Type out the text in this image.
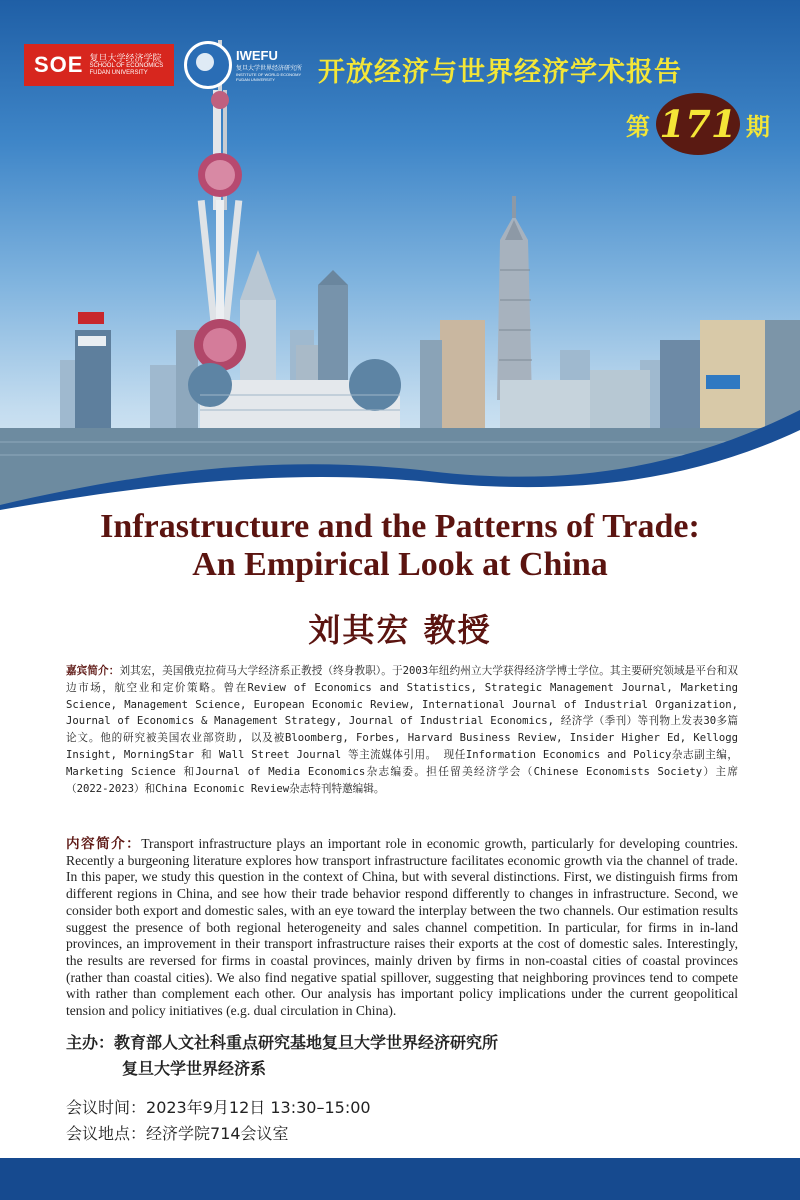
SOE 复旦大学经济学院
SCHOOL OF ECONOMICS
FUDAN UNIVERSITY
IWEFU
复旦大学世界经济研究所
INSTITUTE OF WORLD ECONOMY
FUDAN UNIVERSITY	开放经济与世界经济学术报告
第 171 期
Infrastructure and the Patterns of Trade:
An Empirical Look at China
刘其宏 教授
嘉宾简介：刘其宏，美国俄克拉荷马大学经济系正教授（终身教职）。于2003年纽约州立大学获得经济学博士学位。其主要研究领域是平台和双边市场，航空业和定价策略。曾在Review of Economics and Statistics, Strategic Management Journal, Marketing Science, Management Science, European Economic Review, International Journal of Industrial Organization, Journal of Economics & Management Strategy, Journal of Industrial Economics, 经济学（季刊）等刊物上发表30多篇论文。他的研究被美国农业部资助, 以及被Bloomberg, Forbes, Harvard Business Review, Insider Higher Ed, Kellogg Insight, MorningStar 和 Wall Street Journal 等主流媒体引用。 现任Information Economics and Policy杂志副主编，Marketing Science 和Journal of Media Economics杂志编委。担任留美经济学会（Chinese Economists Society）主席（2022-2023）和China Economic Review杂志特刊特邀编辑。
内容简介：Transport infrastructure plays an important role in economic growth, particularly for developing countries. Recently a burgeoning literature explores how transport infrastructure facilitates economic growth via the channel of trade. In this paper, we study this question in the context of China, but with several distinctions. First, we distinguish firms from different regions in China, and see how their trade behavior respond differently to changes in infrastructure. Second, we consider both export and domestic sales, with an eye toward the interplay between the two channels. Our estimation results suggest the presence of both regional heterogeneity and sales channel competition. In particular, for firms in in-land provinces, an improvement in their transport infrastructure raises their exports at the cost of domestic sales. Interestingly, the results are reversed for firms in coastal provinces, mainly driven by firms in non-coastal cities of coastal provinces (rather than coastal cities). We also find negative spatial spillover, suggesting that neighboring provinces tend to compete with rather than complement each other. Our analysis has important policy implications under the current geopolitical tension and policy initiatives (e.g. dual circulation in China).
主办：教育部人文社科重点研究基地复旦大学世界经济研究所
复旦大学世界经济系
会议时间：2023年9月12日 13:30–15:00
会议地点：经济学院714会议室
